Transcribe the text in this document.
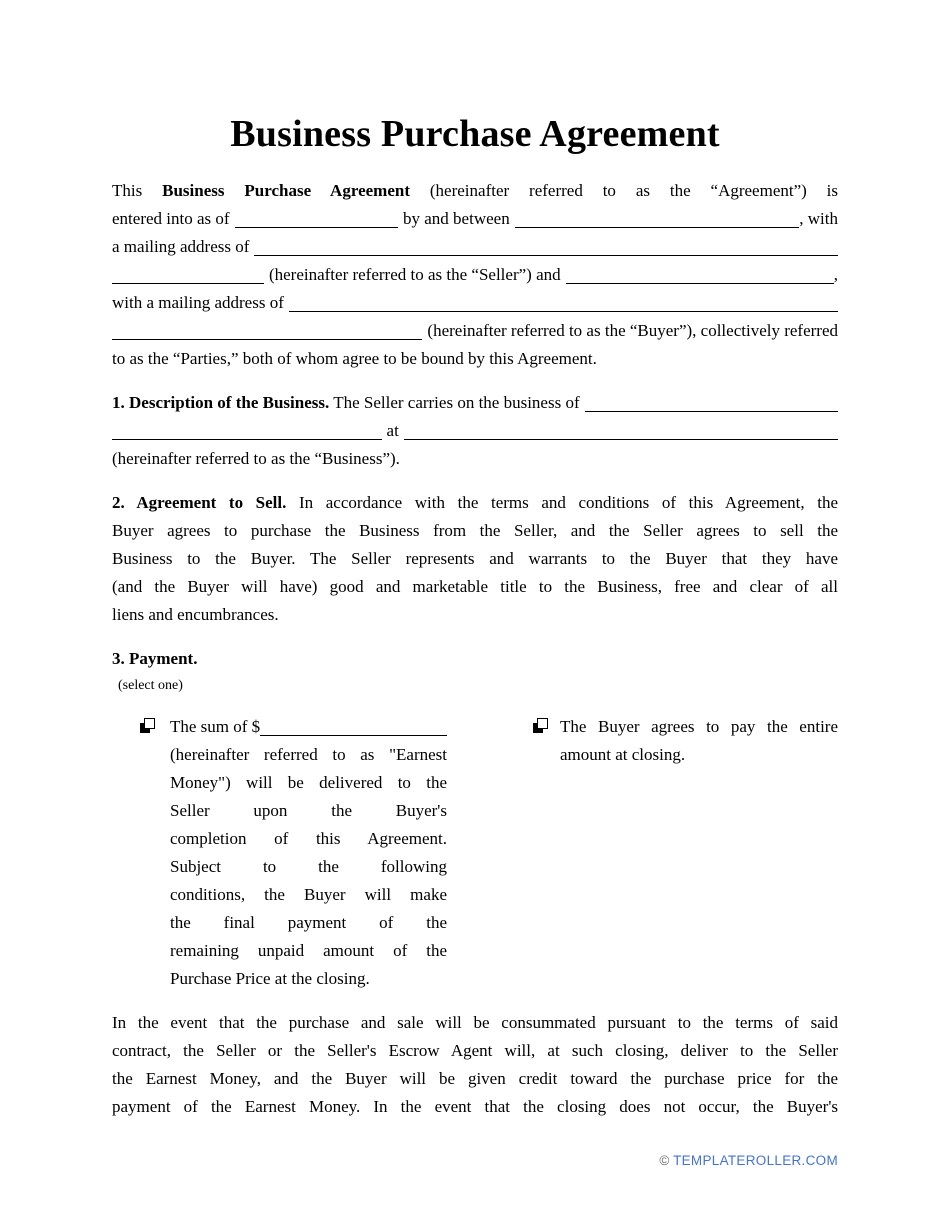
Business Purchase Agreement
This Business Purchase Agreement (hereinafter referred to as the “Agreement”) is
entered into as of	by and between	, with
a mailing address of
(hereinafter referred to as the “Seller”) and	,
with a mailing address of
(hereinafter referred to as the “Buyer”), collectively referred
to as the “Parties,” both of whom agree to be bound by this Agreement.
1. Description of the Business. The Seller carries on the business of
at
(hereinafter referred to as the “Business”).
2. Agreement to Sell. In accordance with the terms and conditions of this Agreement, the
Buyer agrees to purchase the Business from the Seller, and the Seller agrees to sell the
Business to the Buyer. The Seller represents and warrants to the Buyer that they have
(and the Buyer will have) good and marketable title to the Business, free and clear of all
liens and encumbrances.
3. Payment.
(select one)
The sum of $
(hereinafter referred to as "Earnest
Money") will be delivered to the
Seller upon the Buyer's
completion of this Agreement.
Subject to the following
conditions, the Buyer will make
the final payment of the
remaining unpaid amount of the
Purchase Price at the closing.
The Buyer agrees to pay the entire
amount at closing.
In the event that the purchase and sale will be consummated pursuant to the terms of said
contract, the Seller or the Seller's Escrow Agent will, at such closing, deliver to the Seller
the Earnest Money, and the Buyer will be given credit toward the purchase price for the
payment of the Earnest Money. In the event that the closing does not occur, the Buyer's
© TEMPLATEROLLER.COM
